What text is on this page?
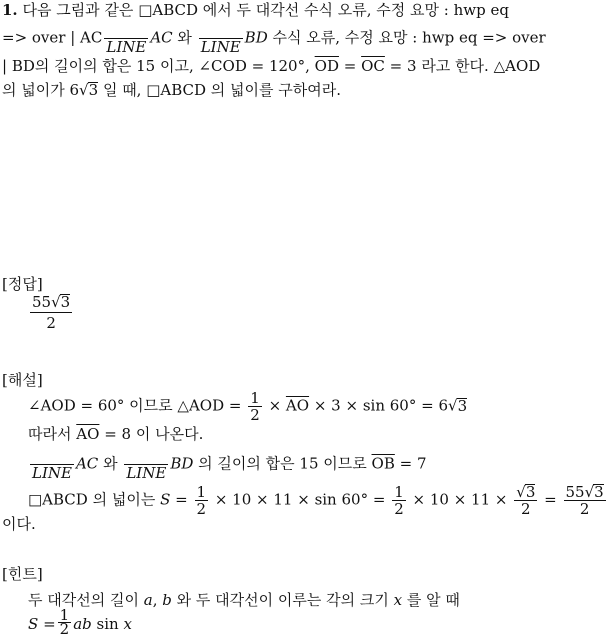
1. 다음 그림과 같은 □ABCD 에서 두 대각선 수식 오류, 수정 요망 : hwp eq
=> over | AC

LINE
AC 와

LINE
BD 수식 오류, 수정 요망 : hwp eq => over
| BD의 길이의 합은 15 이고, ∠COD = 120°, $\overline{OD} = \overline{OC} = 3$ 라고 한다. △AOD
의 넓이가 6√3 일 때, □ABCD 의 넓이를 구하여라.
[정답]
$\frac{55√3}{2}$
[해설]
∠AOD = 60° 이므로 △AOD = $\frac{1}{2} \times \overline{AO} \times 3 \times \sin 60^\circ = 6√3$
따라서 $\overline{AO} = 8$ 이 나온다.

LINE
AC 와

LINE
BD 의 길이의 합은 15 이므로 $\overline{OB} = 7$
□ABCD 의 넓이는 $S = \frac{1}{2} \times 10 \times 11 \times \sin 60^\circ = \frac{1}{2} \times 10 \times 11 \times \frac{√3}{2} = \frac{55√3}{2}$
이다.
[힌트]
두 대각선의 길이 a, b 와 두 대각선이 이루는 각의 크기 x 를 알 때
$S = \frac{1}{2}$ ab sin x
